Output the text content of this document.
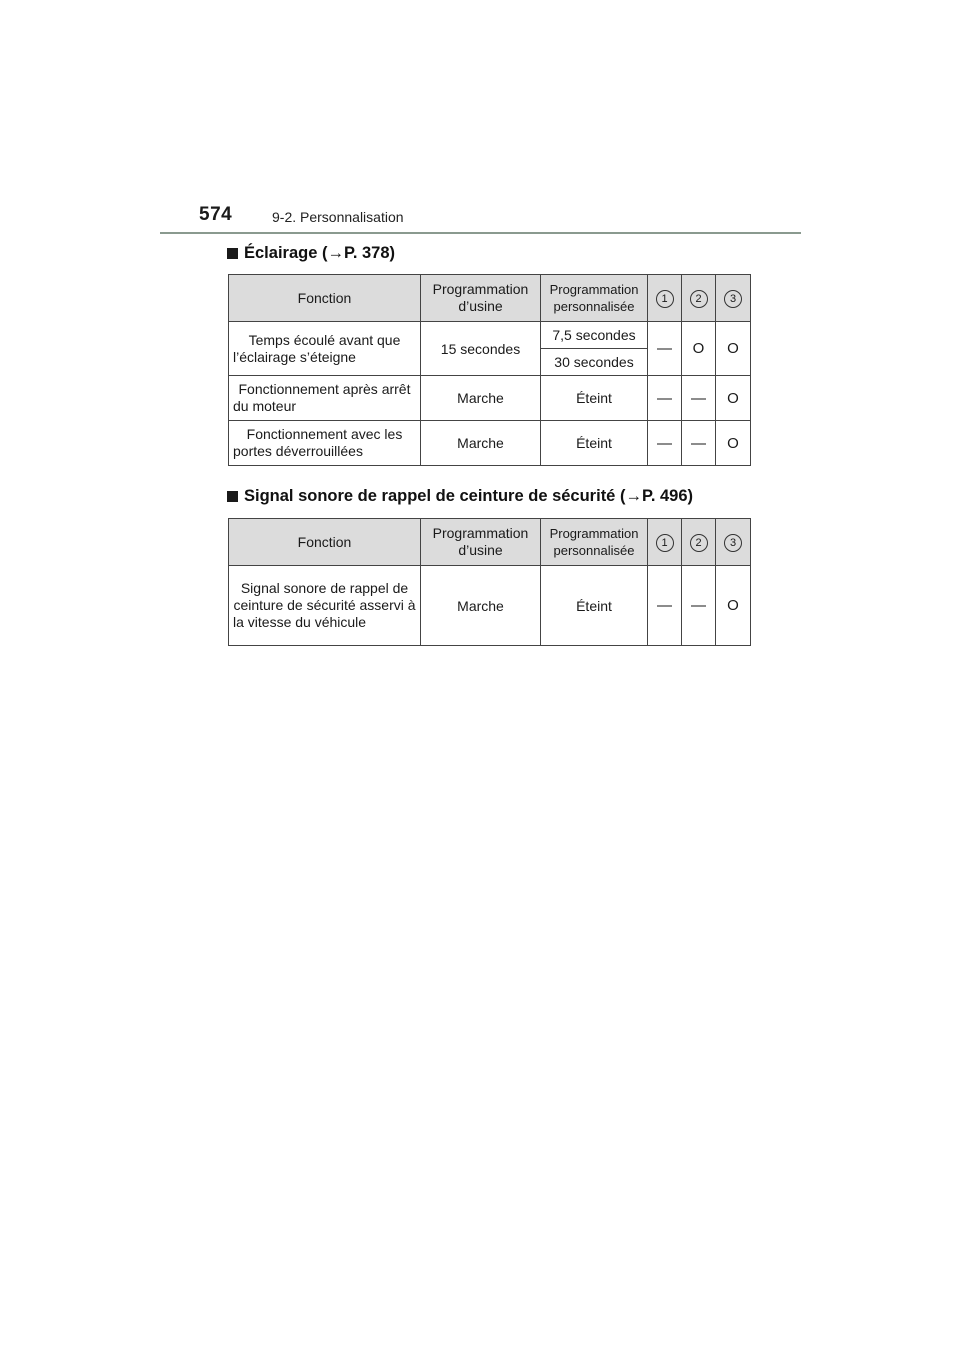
574	9-2. Personnalisation
Éclairage (→P. 378)
Fonction	Programmation d’usine	Programmation personnalisée	1	2	3
Temps écoulé avant que l’éclairage s’éteigne	15 secondes	7,5 secondes	—	O	O
		30 secondes			
Fonctionnement après arrêt du moteur	Marche	Éteint	—	—	O
Fonctionnement avec les portes déverrouillées	Marche	Éteint	—	—	O
Signal sonore de rappel de ceinture de sécurité (→P. 496)
Fonction	Programmation d’usine	Programmation personnalisée	1	2	3
Signal sonore de rappel de ceinture de sécurité asservi à la vitesse du véhicule	Marche	Éteint	—	—	O
